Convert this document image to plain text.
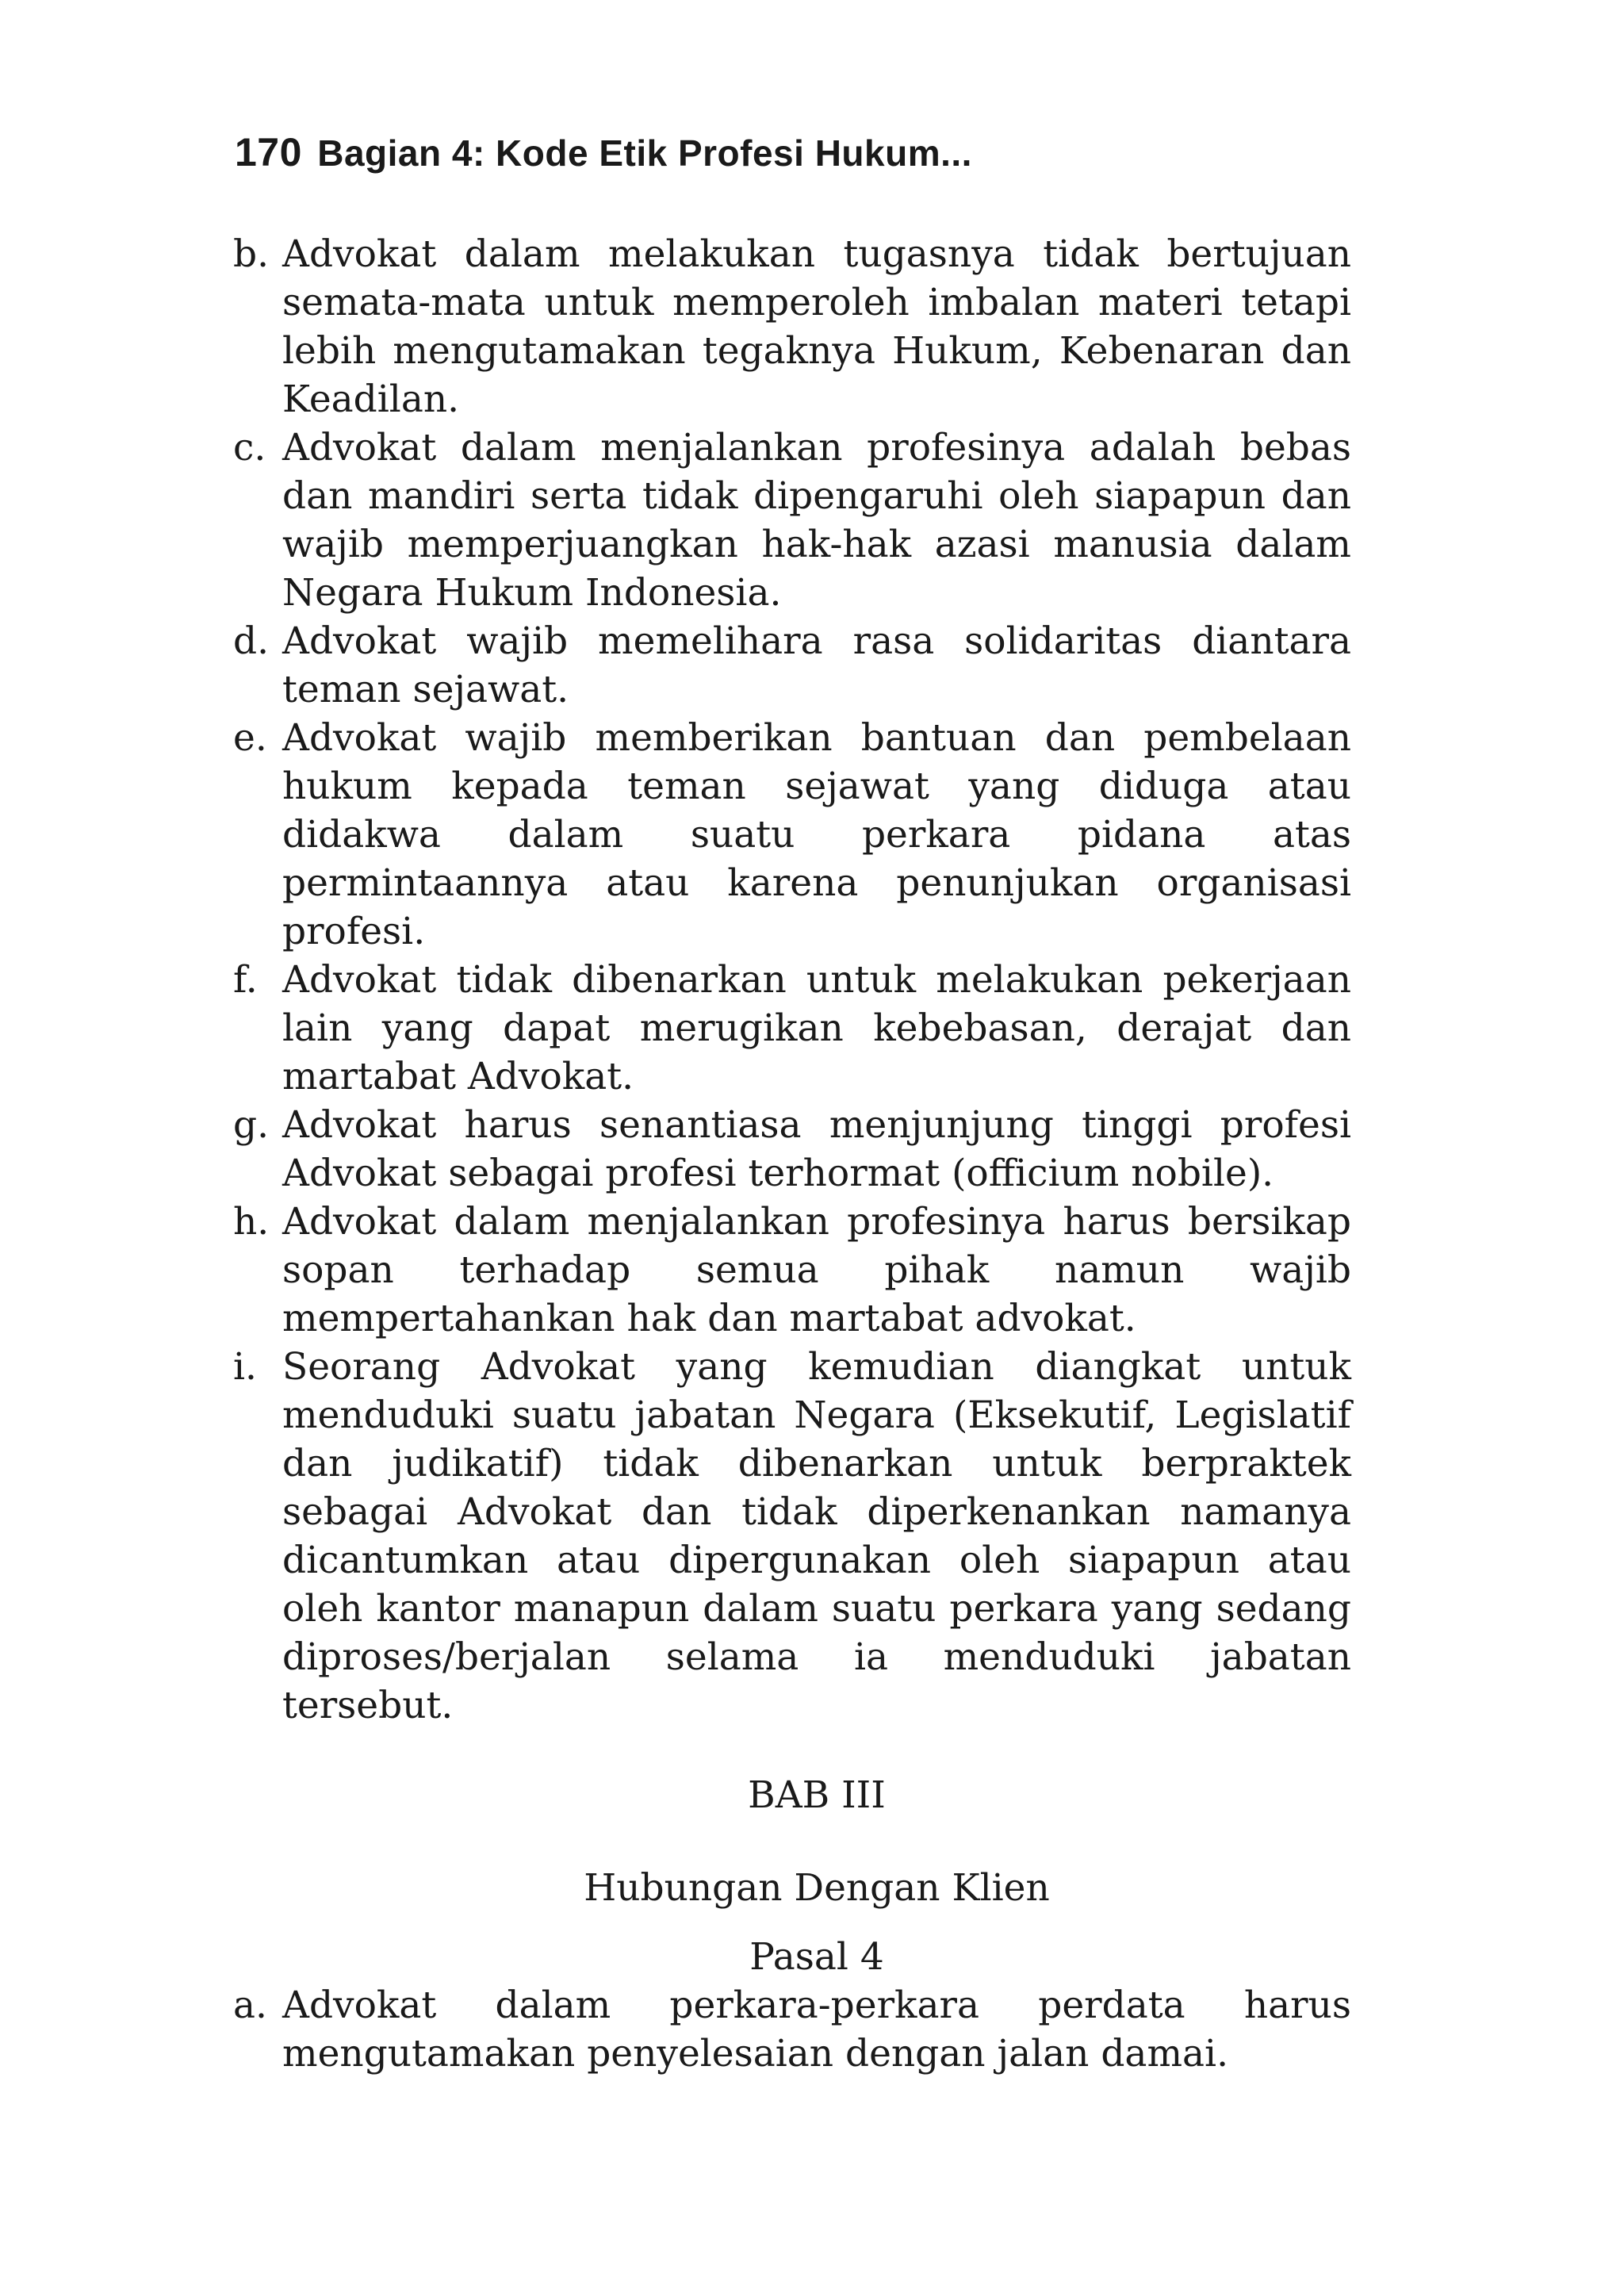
170 Bagian 4: Kode Etik Profesi Hukum...
b. Advokat dalam melakukan tugasnya tidak bertujuan semata-mata untuk memperoleh imbalan materi tetapi lebih mengutamakan tegaknya Hukum, Kebenaran dan Keadilan.
c. Advokat dalam menjalankan profesinya adalah bebas dan mandiri serta tidak dipengaruhi oleh siapapun dan wajib memperjuangkan hak-hak azasi manusia dalam Negara Hukum Indonesia.
d. Advokat wajib memelihara rasa solidaritas diantara teman sejawat.
e. Advokat wajib memberikan bantuan dan pembelaan hukum kepada teman sejawat yang diduga atau didakwa dalam suatu perkara pidana atas permintaannya atau karena penunjukan organisasi profesi.
f. Advokat tidak dibenarkan untuk melakukan pekerjaan lain yang dapat merugikan kebebasan, derajat dan martabat Advokat.
g. Advokat harus senantiasa menjunjung tinggi profesi Advokat sebagai profesi terhormat (officium nobile).
h. Advokat dalam menjalankan profesinya harus bersikap sopan terhadap semua pihak namun wajib mempertahankan hak dan martabat advokat.
i. Seorang Advokat yang kemudian diangkat untuk menduduki suatu jabatan Negara (Eksekutif, Legislatif dan judikatif) tidak dibenarkan untuk berpraktek sebagai Advokat dan tidak diperkenankan namanya dicantumkan atau dipergunakan oleh siapapun atau oleh kantor manapun dalam suatu perkara yang sedang diproses/berjalan selama ia menduduki jabatan tersebut.

BAB III

Hubungan Dengan Klien

Pasal 4

a. Advokat dalam perkara-perkara perdata harus mengutamakan penyelesaian dengan jalan damai.
